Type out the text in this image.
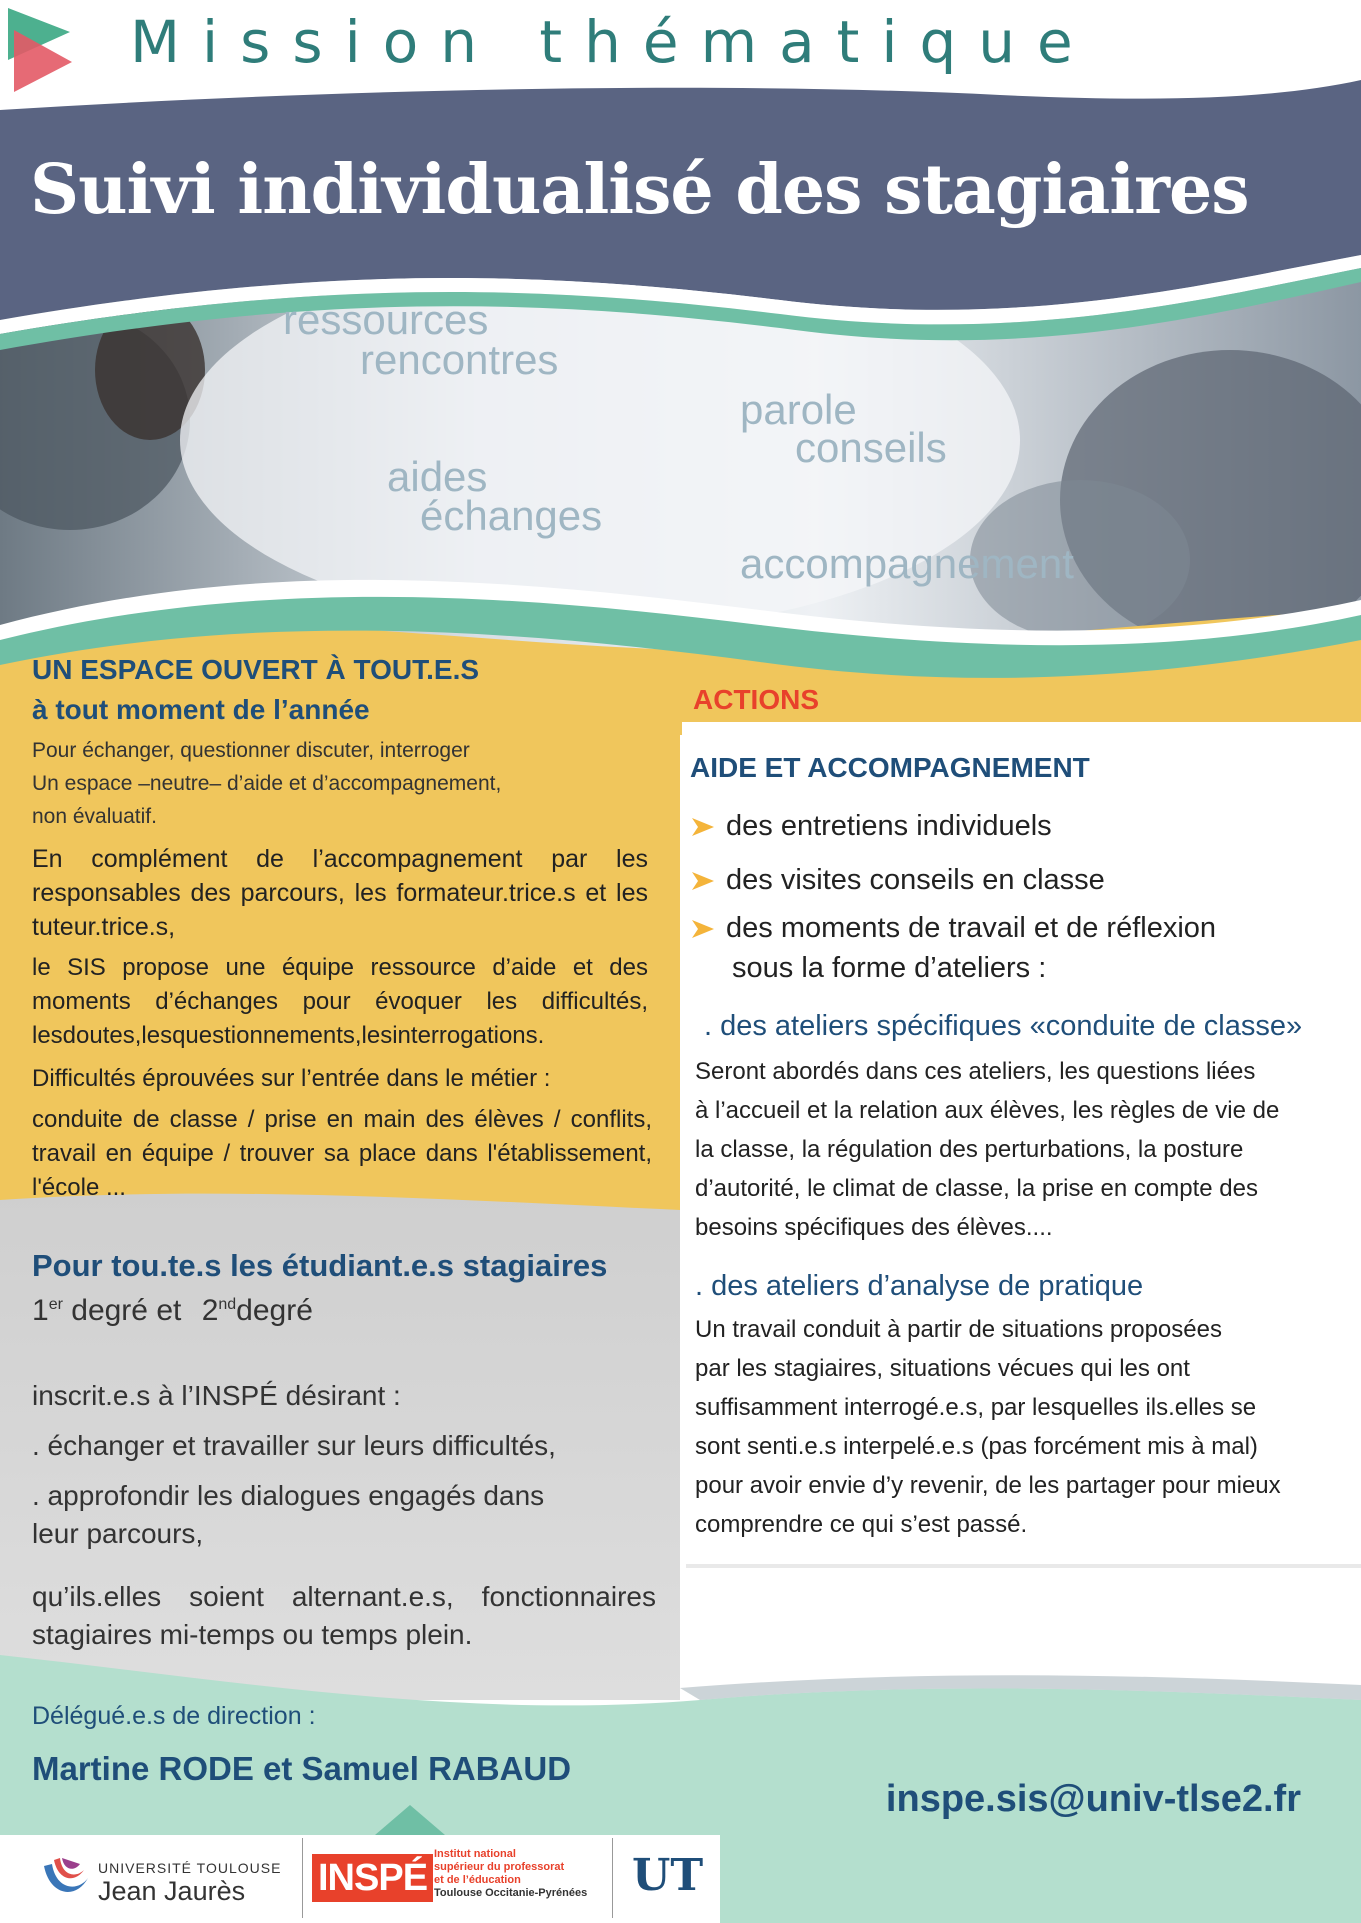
Mission thématique
Suivi individualisé des stagiaires
ressources
rencontres
aides
échanges
parole
conseils
accompagnement
UN ESPACE OUVERT À TOUT.E.S
à tout moment de l’année
Pour échanger, questionner discuter, interroger
Un espace –neutre– d’aide et d’accompagnement,
non évaluatif.
En complément de l’accompagnement par les responsables des parcours, les formateur.trice.s et les tuteur.trice.s,
le SIS propose une équipe ressource d’aide et des moments d’échanges pour évoquer les difficultés, lesdoutes,lesquestionnements,lesinterrogations.
Difficultés éprouvées sur l’entrée dans le métier :
conduite de classe / prise en main des élèves / conflits, travail en équipe / trouver sa place dans l'établissement, l'école ...
Pour tou.te.s les étudiant.e.s stagiaires
1er degré et 2nddegré
inscrit.e.s à l’INSPÉ désirant :
. échanger et travailler sur leurs difficultés,
. approfondir les dialogues engagés dans
leur parcours,
qu’ils.elles soient alternant.e.s, fonctionnaires stagiaires mi-temps ou temps plein.
ACTIONS
AIDE ET ACCOMPAGNEMENT
des entretiens individuels
des visites conseils en classe
des moments de travail et de réflexion
sous la forme d’ateliers :
. des ateliers spécifiques «conduite de classe»
Seront abordés dans ces ateliers, les questions liées
à l’accueil et la relation aux élèves, les règles de vie de
la classe, la régulation des perturbations, la posture
d’autorité, le climat de classe, la prise en compte des
besoins spécifiques des élèves....
. des ateliers d’analyse de pratique
Un travail conduit à partir de situations proposées
par les stagiaires, situations vécues qui les ont
suffisamment interrogé.e.s, par lesquelles ils.elles se
sont senti.e.s interpelé.e.s (pas forcément mis à mal)
pour avoir envie d’y revenir, de les partager pour mieux
comprendre ce qui s’est passé.
Délégué.e.s de direction :
Martine RODE et Samuel RABAUD
inspe.sis@univ-tlse2.fr
UNIVERSITÉ TOULOUSE
Jean Jaurès INSPÉ
Institut national
supérieur du professorat
et de l’éducation
Toulouse Occitanie-Pyrénées UT
